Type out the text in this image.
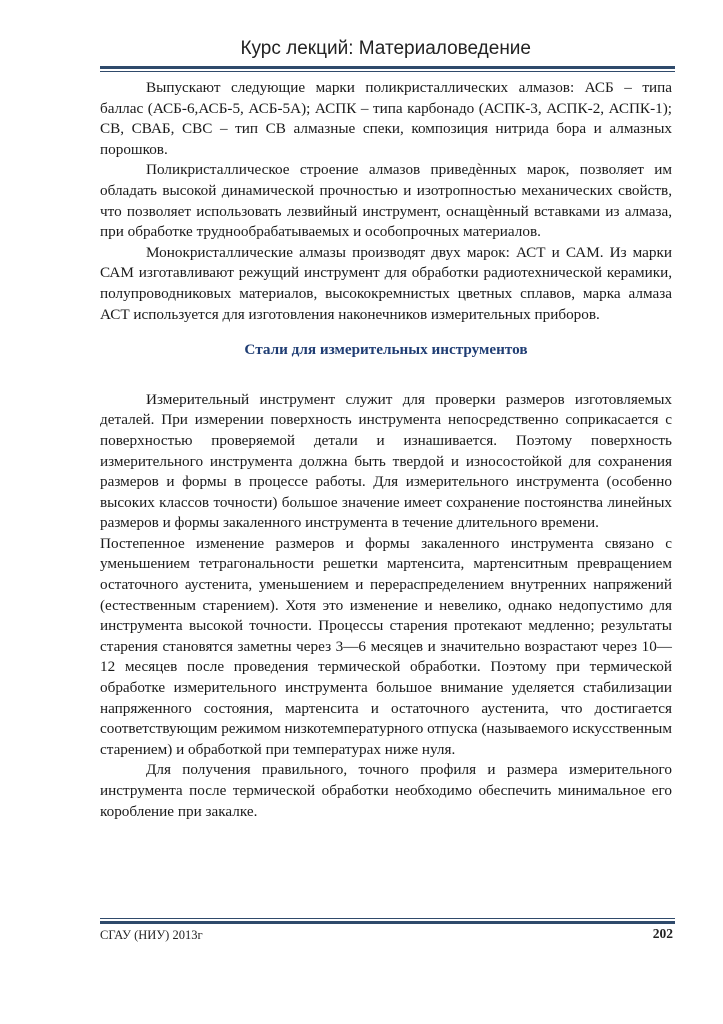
Курс лекций: Материаловедение

Выпускают следующие марки поликристаллических алмазов: АСБ – типа баллас (АСБ-6,АСБ-5, АСБ-5А); АСПК – типа карбонадо (АСПК-3, АСПК-2, АСПК-1); СВ, СВАБ, СВС – тип СВ алмазные спеки, композиция нитрида бора и алмазных порошков.

Поликристаллическое строение алмазов приведѐнных марок, позволяет им обладать высокой динамической прочностью и изотропностью механических свойств, что позволяет использовать лезвийный инструмент, оснащѐнный вставками из алмаза, при обработке труднообрабатываемых и особопрочных материалов.

Монокристаллические алмазы производят двух марок: АСТ и САМ. Из марки САМ изготавливают режущий инструмент для обработки радиотехнической керамики, полупроводниковых материалов, высококремнистых цветных сплавов, марка алмаза АСТ используется для изготовления наконечников измерительных приборов.

Стали для измерительных инструментов

Измерительный инструмент служит для проверки размеров изготовляемых деталей. При измерении поверхность инструмента непосредственно соприкасается с поверхностью проверяемой детали и изнашивается. Поэтому поверхность измерительного инструмента должна быть твердой и износостойкой для сохранения размеров и формы в процессе работы. Для измерительного инструмента (особенно высоких классов точности) большое значение имеет сохранение постоянства линейных размеров и формы закаленного инструмента в течение длительного времени.

Постепенное изменение размеров и формы закаленного инструмента связано с уменьшением тетрагональности решетки мартенсита, мартенситным превращением остаточного аустенита, уменьшением и перераспределением внутренних напряжений (естественным старением). Хотя это изменение и невелико, однако недопустимо для инструмента высокой точности. Процессы старения протекают медленно; результаты старения становятся заметны через 3—6 месяцев и значительно возрастают через 10—12 месяцев после проведения термической обработки. Поэтому при термической обработке измерительного инструмента большое внимание уделяется стабилизации напряженного состояния, мартенсита и остаточного аустенита, что достигается соответствующим режимом низкотемпературного отпуска (называемого искусственным старением) и обработкой при температурах ниже нуля.

Для получения правильного, точного профиля и размера измерительного инструмента после термической обработки необходимо обеспечить минимальное его коробление при закалке.

СГАУ (НИУ) 2013г	202
